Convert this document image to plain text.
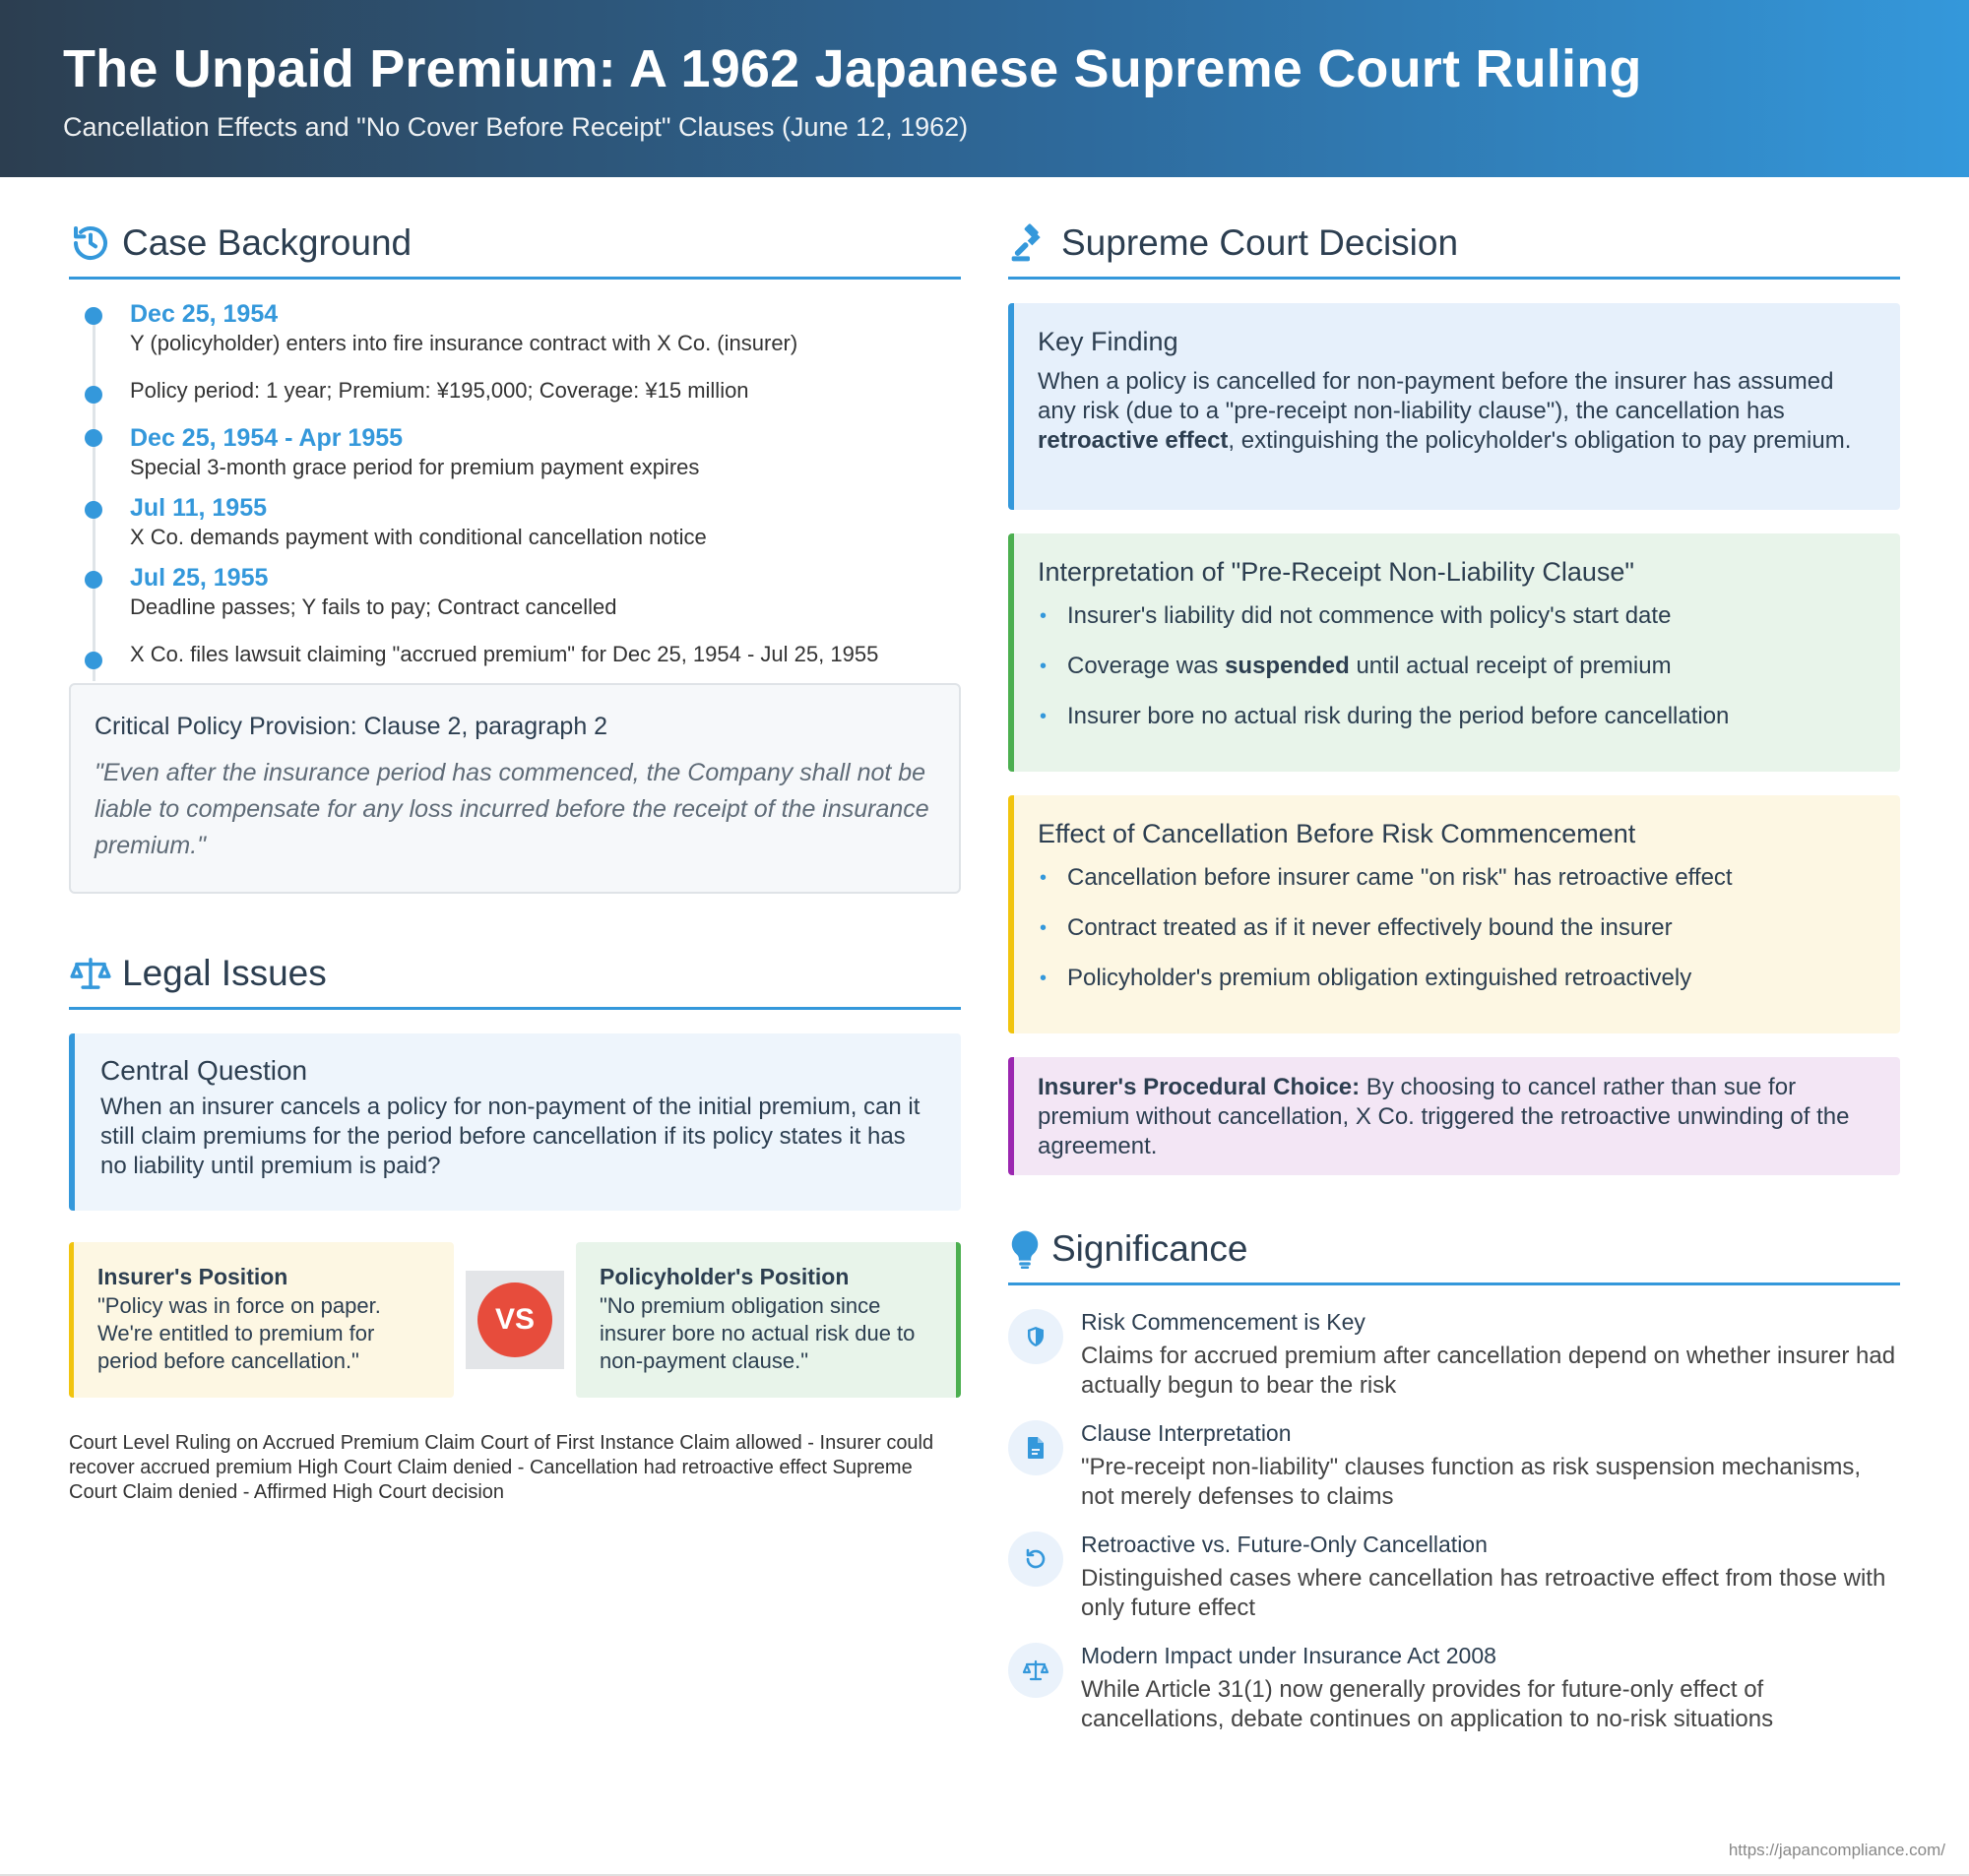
The Unpaid Premium: A 1962 Japanese Supreme Court Ruling
Cancellation Effects and "No Cover Before Receipt" Clauses (June 12, 1962)
Case Background
Dec 25, 1954
Y (policyholder) enters into fire insurance contract with X Co. (insurer)
Policy period: 1 year; Premium: ¥195,000; Coverage: ¥15 million
Dec 25, 1954 - Apr 1955
Special 3-month grace period for premium payment expires
Jul 11, 1955
X Co. demands payment with conditional cancellation notice
Jul 25, 1955
Deadline passes; Y fails to pay; Contract cancelled
X Co. files lawsuit claiming "accrued premium" for Dec 25, 1954 - Jul 25, 1955
Critical Policy Provision: Clause 2, paragraph 2

"Even after the insurance period has commenced, the Company shall not be liable to compensate for any loss incurred before the receipt of the insurance premium."

Legal Issues
Central Question

When an insurer cancels a policy for non-payment of the initial premium, can it still claim premiums for the period before cancellation if its policy states it has no liability until premium is paid?

Insurer's Position

"Policy was in force on paper. We're entitled to premium for period before cancellation."

VS
Policyholder's Position

"No premium obligation since insurer bore no actual risk due to non-payment clause."

Court Level Ruling on Accrued Premium Claim Court of First Instance Claim allowed - Insurer could recover accrued premium High Court Claim denied - Cancellation had retroactive effect Supreme Court Claim denied - Affirmed High Court decision
Supreme Court Decision
Key Finding

When a policy is cancelled for non-payment before the insurer has assumed any risk (due to a "pre-receipt non-liability clause"), the cancellation has retroactive effect, extinguishing the policyholder's obligation to pay premium.

Interpretation of "Pre-Receipt Non-Liability Clause"
• Insurer's liability did not commence with policy's start date
• Coverage was suspended until actual receipt of premium
• Insurer bore no actual risk during the period before cancellation
Effect of Cancellation Before Risk Commencement
• Cancellation before insurer came "on risk" has retroactive effect
• Contract treated as if it never effectively bound the insurer
• Policyholder's premium obligation extinguished retroactively

Insurer's Procedural Choice: By choosing to cancel rather than sue for premium without cancellation, X Co. triggered the retroactive unwinding of the agreement.

Significance
Risk Commencement is Key

Claims for accrued premium after cancellation depend on whether insurer had actually begun to bear the risk

Clause Interpretation

"Pre-receipt non-liability" clauses function as risk suspension mechanisms, not merely defenses to claims

Retroactive vs. Future-Only Cancellation

Distinguished cases where cancellation has retroactive effect from those with only future effect

Modern Impact under Insurance Act 2008

While Article 31(1) now generally provides for future-only effect of cancellations, debate continues on application to no-risk situations

https://japancompliance.com/
